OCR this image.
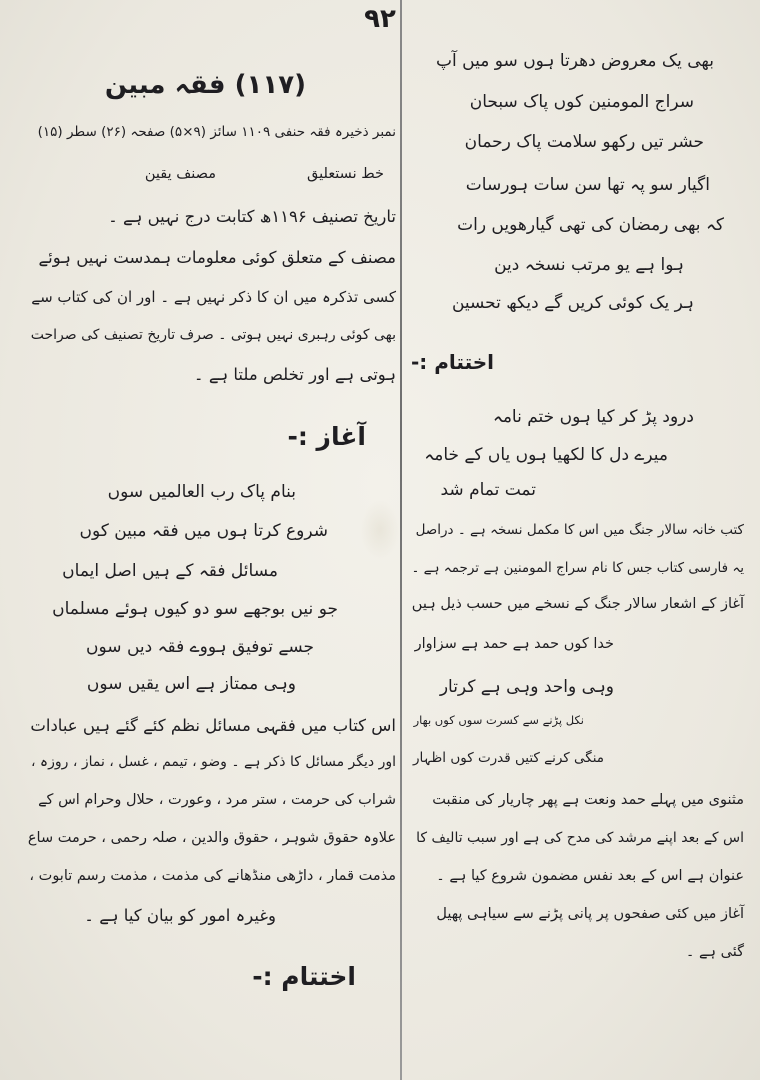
۹۲
(۱۱۷) فقہ مبین
نمبر ذخیرہ فقہ حنفی ۱۱۰۹ سائز (۹×۵) صفحہ (۲۶) سطر (۱۵)
خط نستعلیق
مصنف یقین
تاریخ تصنیف ۱۱۹۶ھ کتابت درج نہیں ہے ۔
مصنف کے متعلق کوئی معلومات ہمدست نہیں ہوئے
کسی تذکرہ میں ان کا ذکر نہیں ہے ۔ اور ان کی کتاب سے
بھی کوئی رہبری نہیں ہوتی ۔ صرف تاریخ تصنیف کی صراحت
ہوتی ہے اور تخلص ملتا ہے ۔
آغاز :-
بنام پاک رب العالمیں سوں
شروع کرتا ہوں میں فقہ مبین کوں
مسائل فقہ کے ہیں اصل ایماں
جو نیں بوجھے سو دو کیوں ہوئے مسلماں
جسے توفیق ہووے فقہ دیں سوں
وہی ممتاز ہے اس یقیں سوں
اس کتاب میں فقہی مسائل نظم کئے گئے ہیں عبادات
اور دیگر مسائل کا ذکر ہے ۔ وضو ، تیمم ، غسل ، نماز ، روزہ ،
شراب کی حرمت ، ستر مرد ، وعورت ، حلال وحرام اس کے
علاوہ حقوق شوہر ، حقوق والدین ، صلہ رحمی ، حرمت ساع
مذمت قمار ، داڑھی منڈھانے کی مذمت ، مذمت رسم تابوت ،
وغیرہ امور کو بیان کیا ہے ۔
اختتام :-
بھی یک معروض دھرتا ہوں سو میں آپ
سراج المومنین کوں پاک سبحان
حشر تیں رکھو سلامت پاک رحمان
اگیار سو پہ تھا سن سات ہورسات
کہ بھی رمضان کی تھی گیارھویں رات
ہوا ہے یو مرتب نسخہ دین
ہر یک کوئی کریں گے دیکھ تحسین
اختتام :-
درود پڑ کر کیا ہوں ختم نامہ
میرے دل کا لکھیا ہوں یاں کے خامہ
تمت تمام شد
کتب خانہ سالار جنگ میں اس کا مکمل نسخہ ہے ۔ دراصل
یہ فارسی کتاب جس کا نام سراج المومنین ہے ترجمہ ہے ۔
آغاز کے اشعار سالار جنگ کے نسخے میں حسب ذیل ہیں
خدا کوں حمد ہے حمد ہے سزاوار
وہی واحد وہی ہے کرتار
نکل پڑنے سے کسرت سوں کوں بھار
منگی کرنے کتیں قدرت کوں اظہار
مثنوی میں پہلے حمد ونعت ہے پھر چاریار کی منقبت
اس کے بعد اپنے مرشد کی مدح کی ہے اور سبب تالیف کا
عنوان ہے اس کے بعد نفس مضمون شروع کیا ہے ۔
آغاز میں کئی صفحوں پر پانی پڑنے سے سیاہی پھیل
گئی ہے ۔
